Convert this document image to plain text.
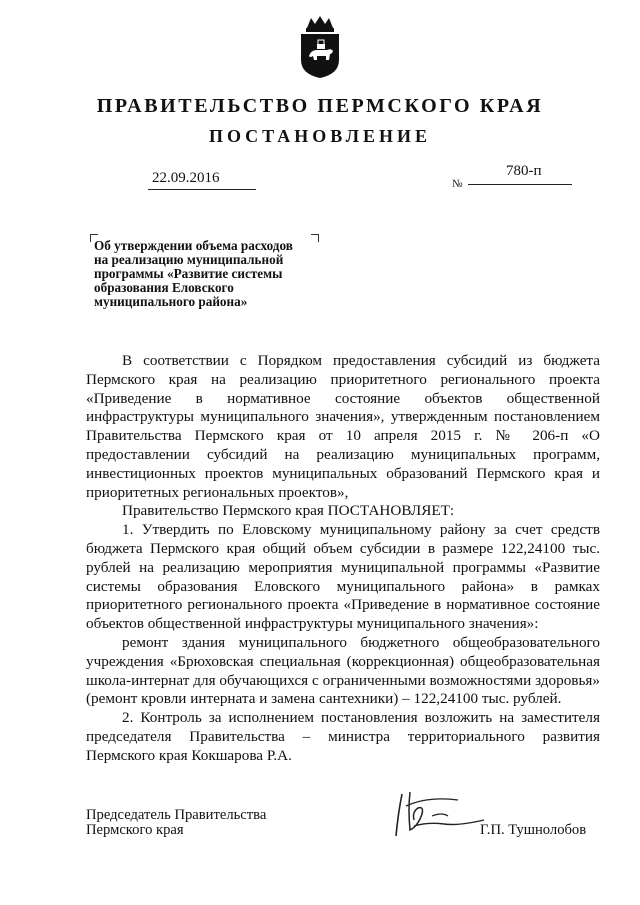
ПРАВИТЕЛЬСТВО ПЕРМСКОГО КРАЯ
ПОСТАНОВЛЕНИЕ
22.09.2016	№
780-п
Об утверждении объема расходов
на реализацию муниципальной
программы «Развитие системы
образования Еловского
муниципального района»

В соответствии с Порядком предоставления субсидий из бюджета Пермского края на реализацию приоритетного регионального проекта «Приведение в нормативное состояние объектов общественной инфраструктуры муниципального значения», утвержденным постановлением Правительства Пермского края от 10 апреля 2015 г. № 206-п «О предоставлении субсидий на реализацию муниципальных программ, инвестиционных проектов муниципальных образований Пермского края и приоритетных региональных проектов»,

Правительство Пермского края ПОСТАНОВЛЯЕТ:

1. Утвердить по Еловскому муниципальному району за счет средств бюджета Пермского края общий объем субсидии в размере 122,24100 тыс. рублей на реализацию мероприятия муниципальной программы «Развитие системы образования Еловского муниципального района» в рамках приоритетного регионального проекта «Приведение в нормативное состояние объектов общественной инфраструктуры муниципального значения»:

ремонт здания муниципального бюджетного общеобразовательного учреждения «Брюховская специальная (коррекционная) общеобразовательная школа-интернат для обучающихся с ограниченными возможностями здоровья» (ремонт кровли интерната и замена сантехники) – 122,24100 тыс. рублей.

2. Контроль за исполнением постановления возложить на заместителя председателя Правительства – министра территориального развития Пермского края Кокшарова Р.А.

Председатель Правительства
Пермского края	Г.П. Тушнолобов
